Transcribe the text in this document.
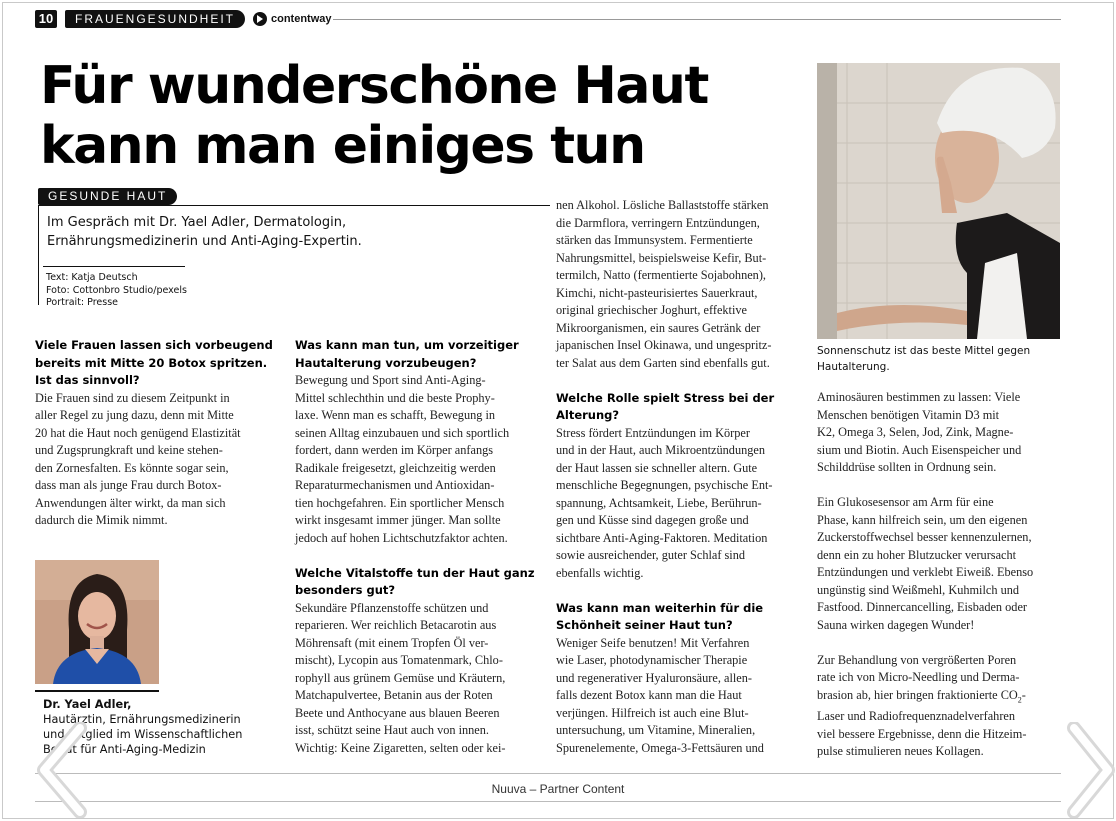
10	FRAUENGESUNDHEIT	contentway
Für wunderschöne Haut
kann man einiges tun
GESUNDE HAUT
Im Gespräch mit Dr. Yael Adler, Dermatologin,
Ernährungsmedizinerin und Anti-Aging-Expertin.
Text: Katja Deutsch
Foto: Cottonbro Studio/pexels
Portrait: Presse
Viele Frauen lassen sich vorbeugend
bereits mit Mitte 20 Botox spritzen.
Ist das sinnvoll?
Die Frauen sind zu diesem Zeitpunkt in
aller Regel zu jung dazu, denn mit Mitte
20 hat die Haut noch genügend Elastizität
und Zugsprungkraft und keine stehen-
den Zornesfalten. Es könnte sogar sein,
dass man als junge Frau durch Botox-
Anwendungen älter wirkt, da man sich
dadurch die Mimik nimmt.
Dr. Yael Adler,
Hautärztin, Ernährungsmedizinerin
und Mitglied im Wissenschaftlichen
Beirat für Anti-Aging-Medizin
Was kann man tun, um vorzeitiger
Hautalterung vorzubeugen?
Bewegung und Sport sind Anti-Aging-
Mittel schlechthin und die beste Prophy-
laxe. Wenn man es schafft, Bewegung in
seinen Alltag einzubauen und sich sportlich
fordert, dann werden im Körper anfangs
Radikale freigesetzt, gleichzeitig werden
Reparaturmechanismen und Antioxidan-
tien hochgefahren. Ein sportlicher Mensch
wirkt insgesamt immer jünger. Man sollte
jedoch auf hohen Lichtschutzfaktor achten.
Welche Vitalstoffe tun der Haut ganz
besonders gut?
Sekundäre Pflanzenstoffe schützen und
reparieren. Wer reichlich Betacarotin aus
Möhrensaft (mit einem Tropfen Öl ver-
mischt), Lycopin aus Tomatenmark, Chlo-
rophyll aus grünem Gemüse und Kräutern,
Matchapulvertee, Betanin aus der Roten
Beete und Anthocyane aus blauen Beeren
isst, schützt seine Haut auch von innen.
Wichtig: Keine Zigaretten, selten oder kei-
nen Alkohol. Lösliche Ballaststoffe stärken
die Darmflora, verringern Entzündungen,
stärken das Immunsystem. Fermentierte
Nahrungsmittel, beispielsweise Kefir, But-
termilch, Natto (fermentierte Sojabohnen),
Kimchi, nicht-pasteurisiertes Sauerkraut,
original griechischer Joghurt, effektive
Mikroorganismen, ein saures Getränk der
japanischen Insel Okinawa, und ungespritz-
ter Salat aus dem Garten sind ebenfalls gut.
Welche Rolle spielt Stress bei der
Alterung?
Stress fördert Entzündungen im Körper
und in der Haut, auch Mikroentzündungen
der Haut lassen sie schneller altern. Gute
menschliche Begegnungen, psychische Ent-
spannung, Achtsamkeit, Liebe, Berührun-
gen und Küsse sind dagegen große und
sichtbare Anti-Aging-Faktoren. Meditation
sowie ausreichender, guter Schlaf sind
ebenfalls wichtig.
Was kann man weiterhin für die
Schönheit seiner Haut tun?
Weniger Seife benutzen! Mit Verfahren
wie Laser, photodynamischer Therapie
und regenerativer Hyaluronsäure, allen-
falls dezent Botox kann man die Haut
verjüngen. Hilfreich ist auch eine Blut-
untersuchung, um Vitamine, Mineralien,
Spurenelemente, Omega-3-Fettsäuren und
Sonnenschutz ist das beste Mittel gegen
Hautalterung.
Aminosäuren bestimmen zu lassen: Viele
Menschen benötigen Vitamin D3 mit
K2, Omega 3, Selen, Jod, Zink, Magne-
sium und Biotin. Auch Eisenspeicher und
Schilddrüse sollten in Ordnung sein.
Ein Glukosesensor am Arm für eine
Phase, kann hilfreich sein, um den eigenen
Zuckerstoffwechsel besser kennenzulernen,
denn ein zu hoher Blutzucker verursacht
Entzündungen und verklebt Eiweiß. Ebenso
ungünstig sind Weißmehl, Kuhmilch und
Fastfood. Dinnercancelling, Eisbaden oder
Sauna wirken dagegen Wunder!
Zur Behandlung von vergrößerten Poren
rate ich von Micro-Needling und Derma-
brasion ab, hier bringen fraktionierte $CO_2-$
Laser und Radiofrequenznadelverfahren
viel bessere Ergebnisse, denn die Hitzeim-
pulse stimulieren neues Kollagen.
Nuuva – Partner Content
